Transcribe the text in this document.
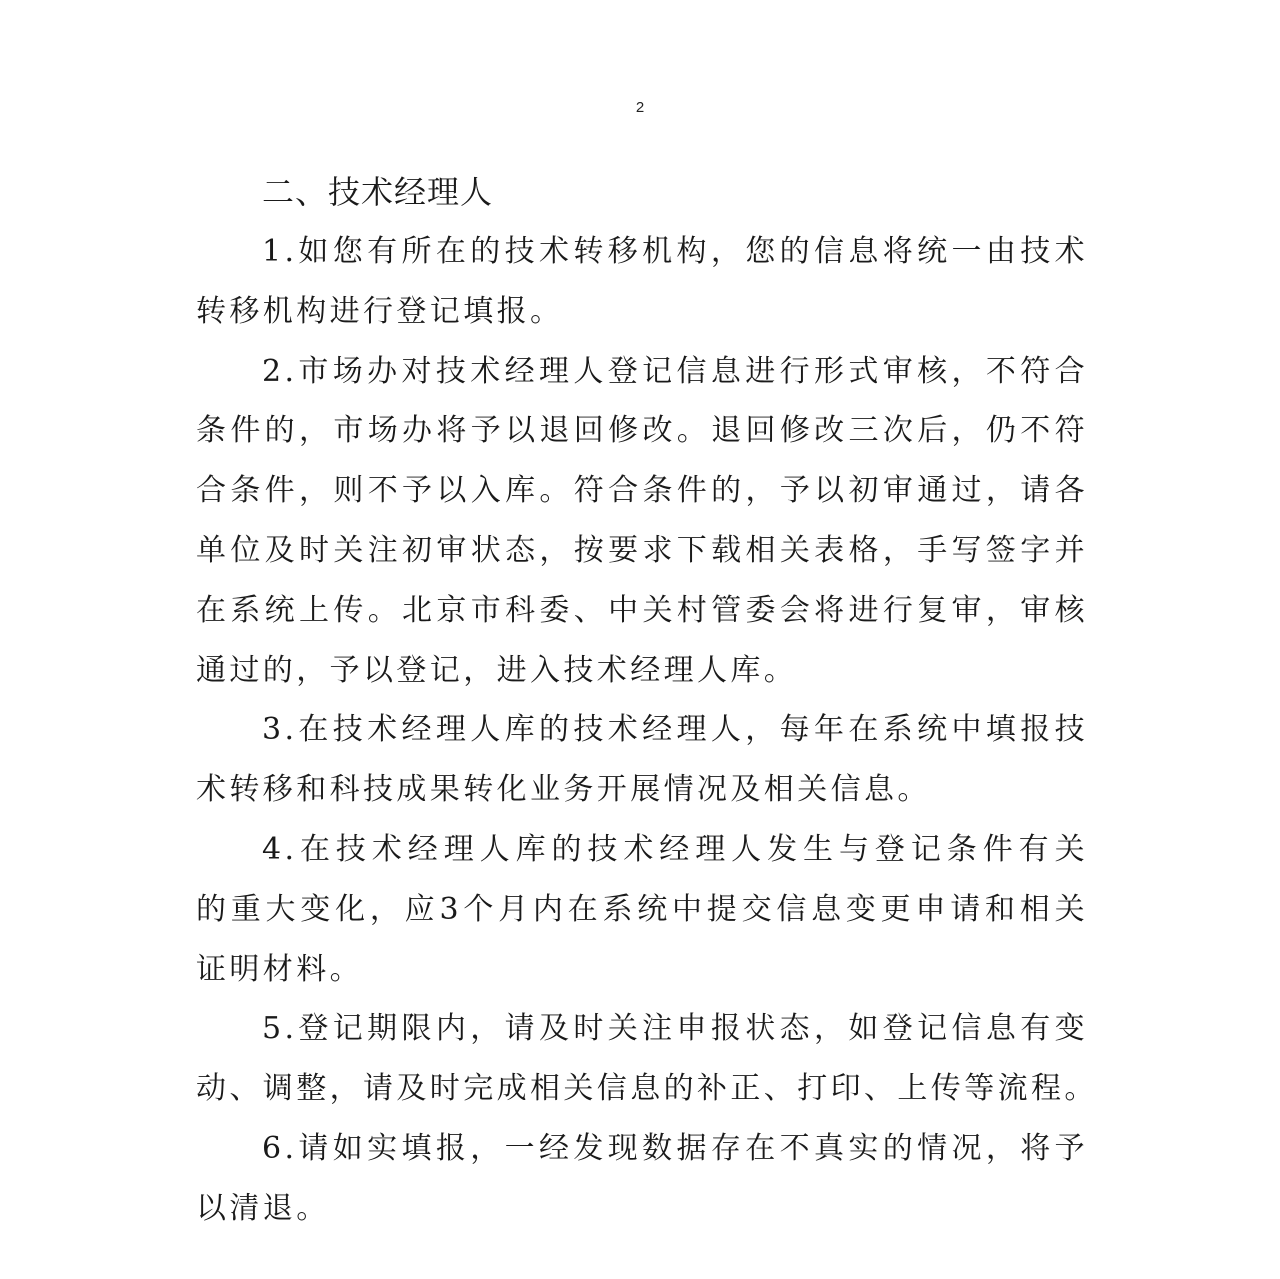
2
二、技术经理人
1.如您有所在的技术转移机构，您的信息将统一由技术
转移机构进行登记填报。
2.市场办对技术经理人登记信息进行形式审核，不符合
条件的，市场办将予以退回修改。退回修改三次后，仍不符
合条件，则不予以入库。符合条件的，予以初审通过，请各
单位及时关注初审状态，按要求下载相关表格，手写签字并
在系统上传。北京市科委、中关村管委会将进行复审，审核
通过的，予以登记，进入技术经理人库。
3.在技术经理人库的技术经理人，每年在系统中填报技
术转移和科技成果转化业务开展情况及相关信息。
4.在技术经理人库的技术经理人发生与登记条件有关
的重大变化，应3个月内在系统中提交信息变更申请和相关
证明材料。
5.登记期限内，请及时关注申报状态，如登记信息有变
动、调整，请及时完成相关信息的补正、打印、上传等流程。
6.请如实填报，一经发现数据存在不真实的情况，将予
以清退。
